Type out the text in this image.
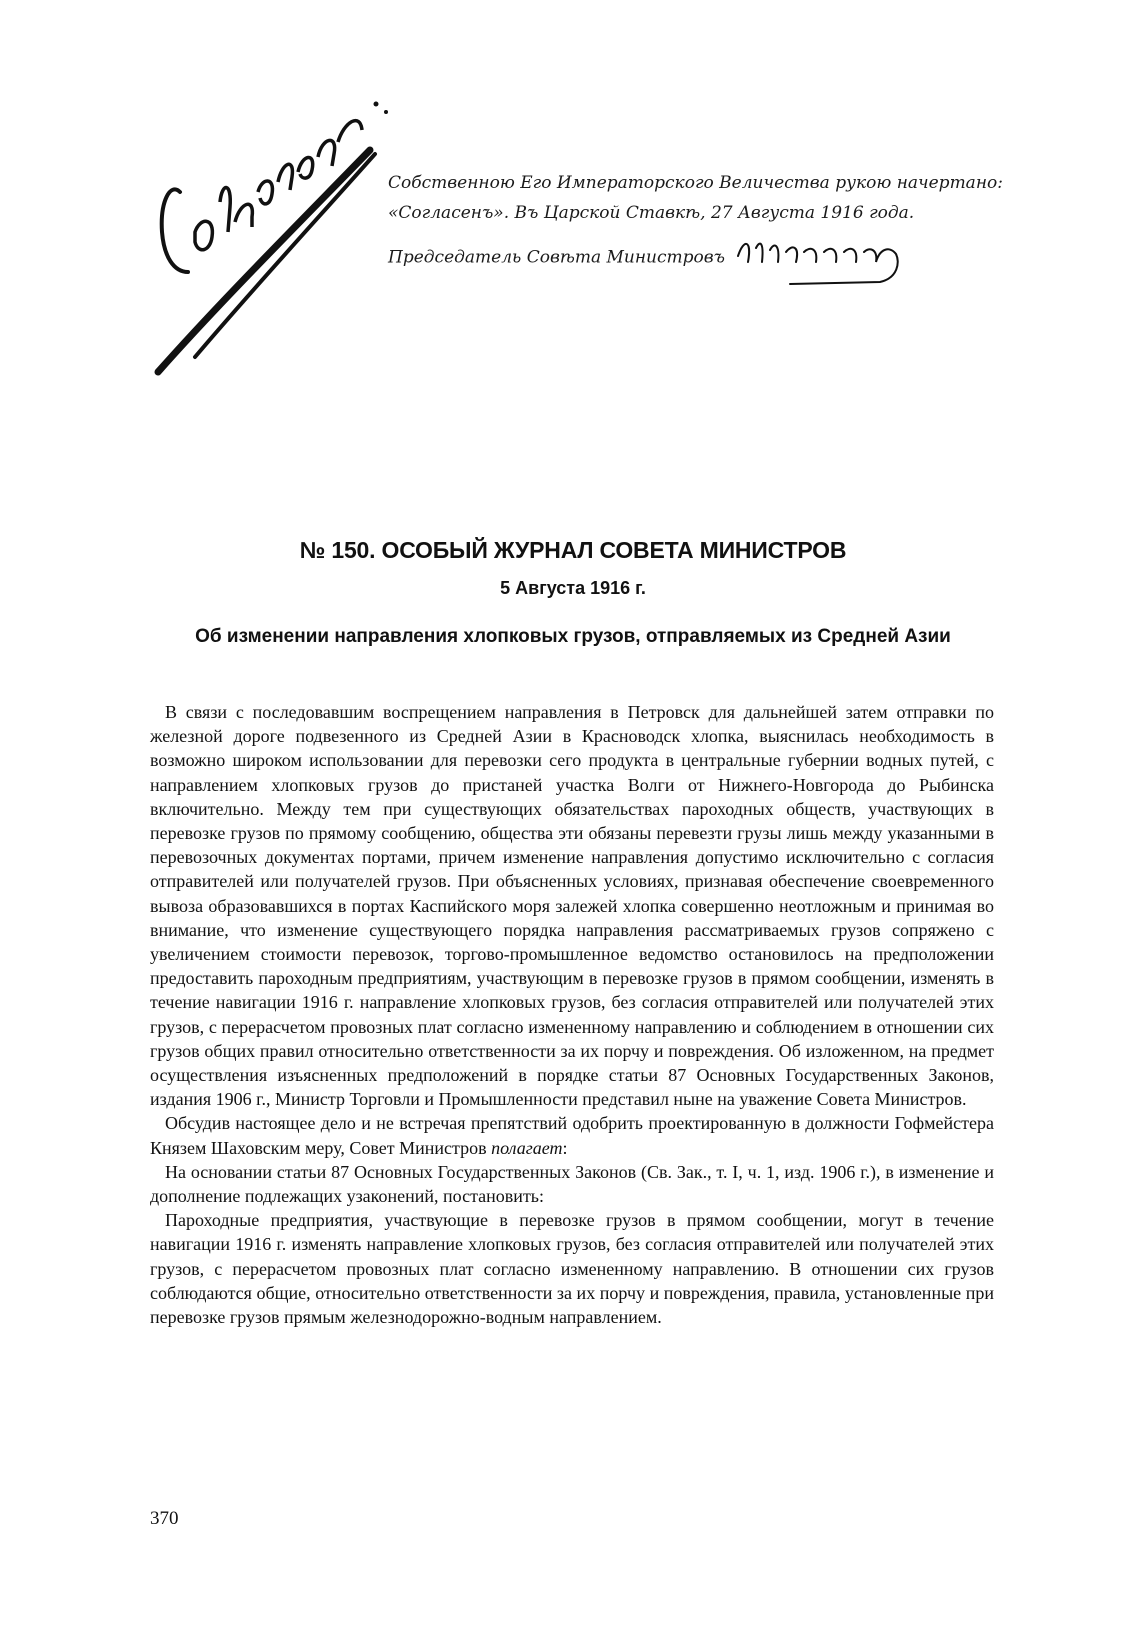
Собственною Его Императорского Величества рукою начертано: «Согласенъ». Въ Царской Ставкѣ, 27 Августа 1916 года.

Председатель Совѣта Министровъ

№ 150. ОСОБЫЙ ЖУРНАЛ СОВЕТА МИНИСТРОВ

5 Августа 1916 г.

Об изменении направления хлопковых грузов, отправляемых из Средней Азии

В связи с последовавшим воспрещением направления в Петровск для дальнейшей затем отправки по железной дороге подвезенного из Средней Азии в Красноводск хлопка, выяснилась необходимость в возможно широком использовании для перевозки сего продукта в центральные губернии водных путей, с направлением хлопковых грузов до пристаней участка Волги от Нижнего-Новгорода до Рыбинска включительно. Между тем при существующих обязательствах пароходных обществ, участвующих в перевозке грузов по прямому сообщению, общества эти обязаны перевезти грузы лишь между указанными в перевозочных документах портами, причем изменение направления допустимо исключительно с согласия отправителей или получателей грузов. При объясненных условиях, признавая обеспечение своевременного вывоза образовавшихся в портах Каспийского моря залежей хлопка совершенно неотложным и принимая во внимание, что изменение существующего порядка направления рассматриваемых грузов сопряжено с увеличением стоимости перевозок, торгово-промышленное ведомство остановилось на предположении предоставить пароходным предприятиям, участвующим в перевозке грузов в прямом сообщении, изменять в течение навигации 1916 г. направление хлопковых грузов, без согласия отправителей или получателей этих грузов, с перерасчетом провозных плат согласно измененному направлению и соблюдением в отношении сих грузов общих правил относительно ответственности за их порчу и повреждения. Об изложенном, на предмет осуществления изъясненных предположений в порядке статьи 87 Основных Государственных Законов, издания 1906 г., Министр Торговли и Промышленности представил ныне на уважение Совета Министров.

Обсудив настоящее дело и не встречая препятствий одобрить проектированную в должности Гофмейстера Князем Шаховским меру, Совет Министров полагает:

На основании статьи 87 Основных Государственных Законов (Св. Зак., т. I, ч. 1, изд. 1906 г.), в изменение и дополнение подлежащих узаконений, постановить:

Пароходные предприятия, участвующие в перевозке грузов в прямом сообщении, могут в течение навигации 1916 г. изменять направление хлопковых грузов, без согласия отправителей или получателей этих грузов, с перерасчетом провозных плат согласно измененному направлению. В отношении сих грузов соблюдаются общие, относительно ответственности за их порчу и повреждения, правила, установленные при перевозке грузов прямым железнодорожно-водным направлением.

370
